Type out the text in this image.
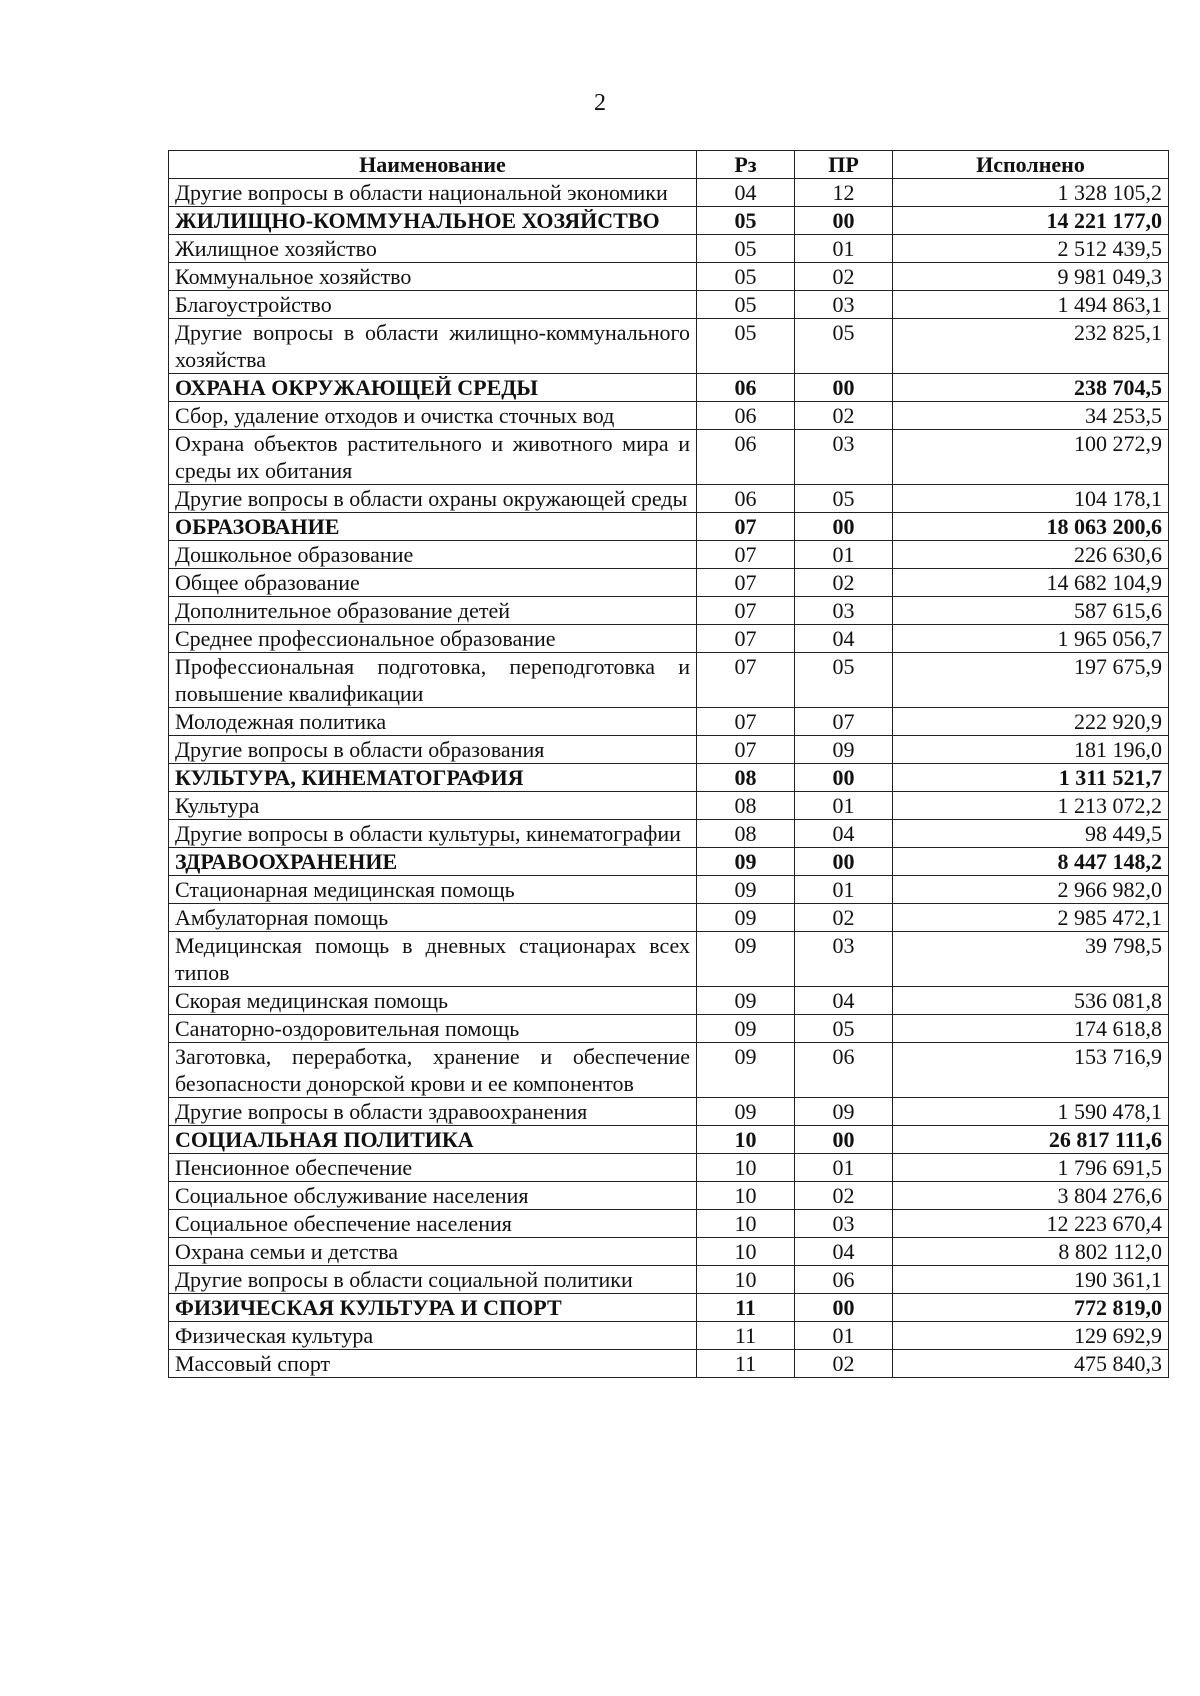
2
Наименование	Рз	ПР	Исполнено
Другие вопросы в области национальной экономики	04	12	1 328 105,2
ЖИЛИЩНО-КОММУНАЛЬНОЕ ХОЗЯЙСТВО	05	00	14 221 177,0
Жилищное хозяйство	05	01	2 512 439,5
Коммунальное хозяйство	05	02	9 981 049,3
Благоустройство	05	03	1 494 863,1
Другие вопросы в области жилищно-коммунального хозяйства	05	05	232 825,1
ОХРАНА ОКРУЖАЮЩЕЙ СРЕДЫ	06	00	238 704,5
Сбор, удаление отходов и очистка сточных вод	06	02	34 253,5
Охрана объектов растительного и животного мира и среды их обитания	06	03	100 272,9
Другие вопросы в области охраны окружающей среды	06	05	104 178,1
ОБРАЗОВАНИЕ	07	00	18 063 200,6
Дошкольное образование	07	01	226 630,6
Общее образование	07	02	14 682 104,9
Дополнительное образование детей	07	03	587 615,6
Среднее профессиональное образование	07	04	1 965 056,7
Профессиональная подготовка, переподготовка и повышение квалификации	07	05	197 675,9
Молодежная политика	07	07	222 920,9
Другие вопросы в области образования	07	09	181 196,0
КУЛЬТУРА, КИНЕМАТОГРАФИЯ	08	00	1 311 521,7
Культура	08	01	1 213 072,2
Другие вопросы в области культуры, кинематографии	08	04	98 449,5
ЗДРАВООХРАНЕНИЕ	09	00	8 447 148,2
Стационарная медицинская помощь	09	01	2 966 982,0
Амбулаторная помощь	09	02	2 985 472,1
Медицинская помощь в дневных стационарах всех типов	09	03	39 798,5
Скорая медицинская помощь	09	04	536 081,8
Санаторно-оздоровительная помощь	09	05	174 618,8
Заготовка, переработка, хранение и обеспечение безопасности донорской крови и ее компонентов	09	06	153 716,9
Другие вопросы в области здравоохранения	09	09	1 590 478,1
СОЦИАЛЬНАЯ ПОЛИТИКА	10	00	26 817 111,6
Пенсионное обеспечение	10	01	1 796 691,5
Социальное обслуживание населения	10	02	3 804 276,6
Социальное обеспечение населения	10	03	12 223 670,4
Охрана семьи и детства	10	04	8 802 112,0
Другие вопросы в области социальной политики	10	06	190 361,1
ФИЗИЧЕСКАЯ КУЛЬТУРА И СПОРТ	11	00	772 819,0
Физическая культура	11	01	129 692,9
Массовый спорт	11	02	475 840,3
